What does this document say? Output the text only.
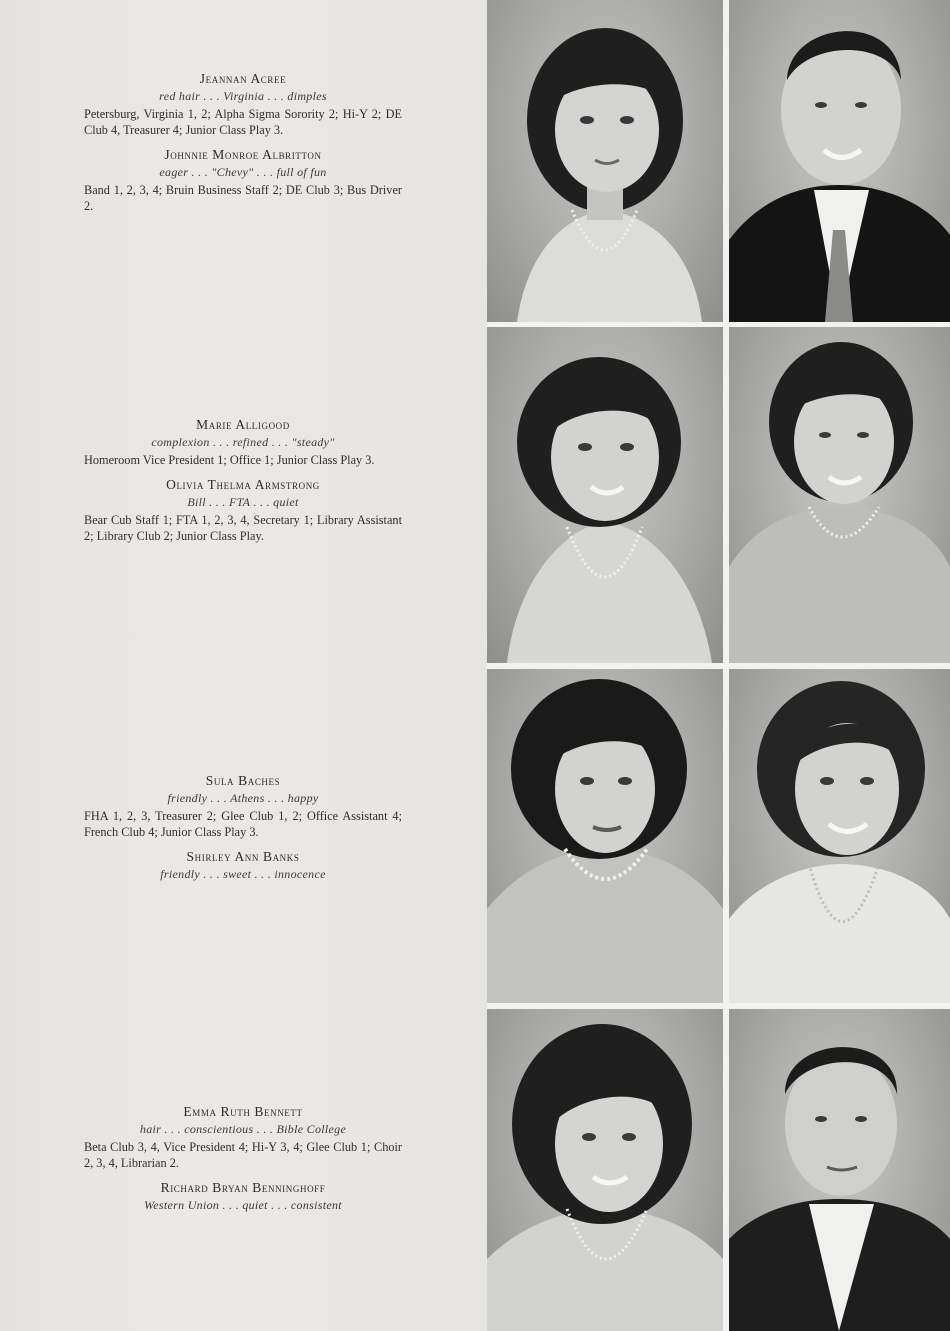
Jeannan Acree
red hair . . . Virginia . . . dimples
Petersburg, Virginia 1, 2; Alpha Sigma Sorority 2; Hi-Y 2; DE Club 4, Treasurer 4; Junior Class Play 3.
Johnnie Monroe Albritton
eager . . . "Chevy" . . . full of fun
Band 1, 2, 3, 4; Bruin Business Staff 2; DE Club 3; Bus Driver 2.
Marie Alligood
complexion . . . refined . . . "steady"
Homeroom Vice President 1; Office 1; Junior Class Play 3.
Olivia Thelma Armstrong
Bill . . . FTA . . . quiet
Bear Cub Staff 1; FTA 1, 2, 3, 4, Secretary 1; Library Assistant 2; Library Club 2; Junior Class Play.
Sula Baches
friendly . . . Athens . . . happy
FHA 1, 2, 3, Treasurer 2; Glee Club 1, 2; Office Assistant 4; French Club 4; Junior Class Play 3.
Shirley Ann Banks
friendly . . . sweet . . . innocence
Emma Ruth Bennett
hair . . . conscientious . . . Bible College
Beta Club 3, 4, Vice President 4; Hi-Y 3, 4; Glee Club 1; Choir 2, 3, 4, Librarian 2.
Richard Bryan Benninghoff
Western Union . . . quiet . . . consistent
